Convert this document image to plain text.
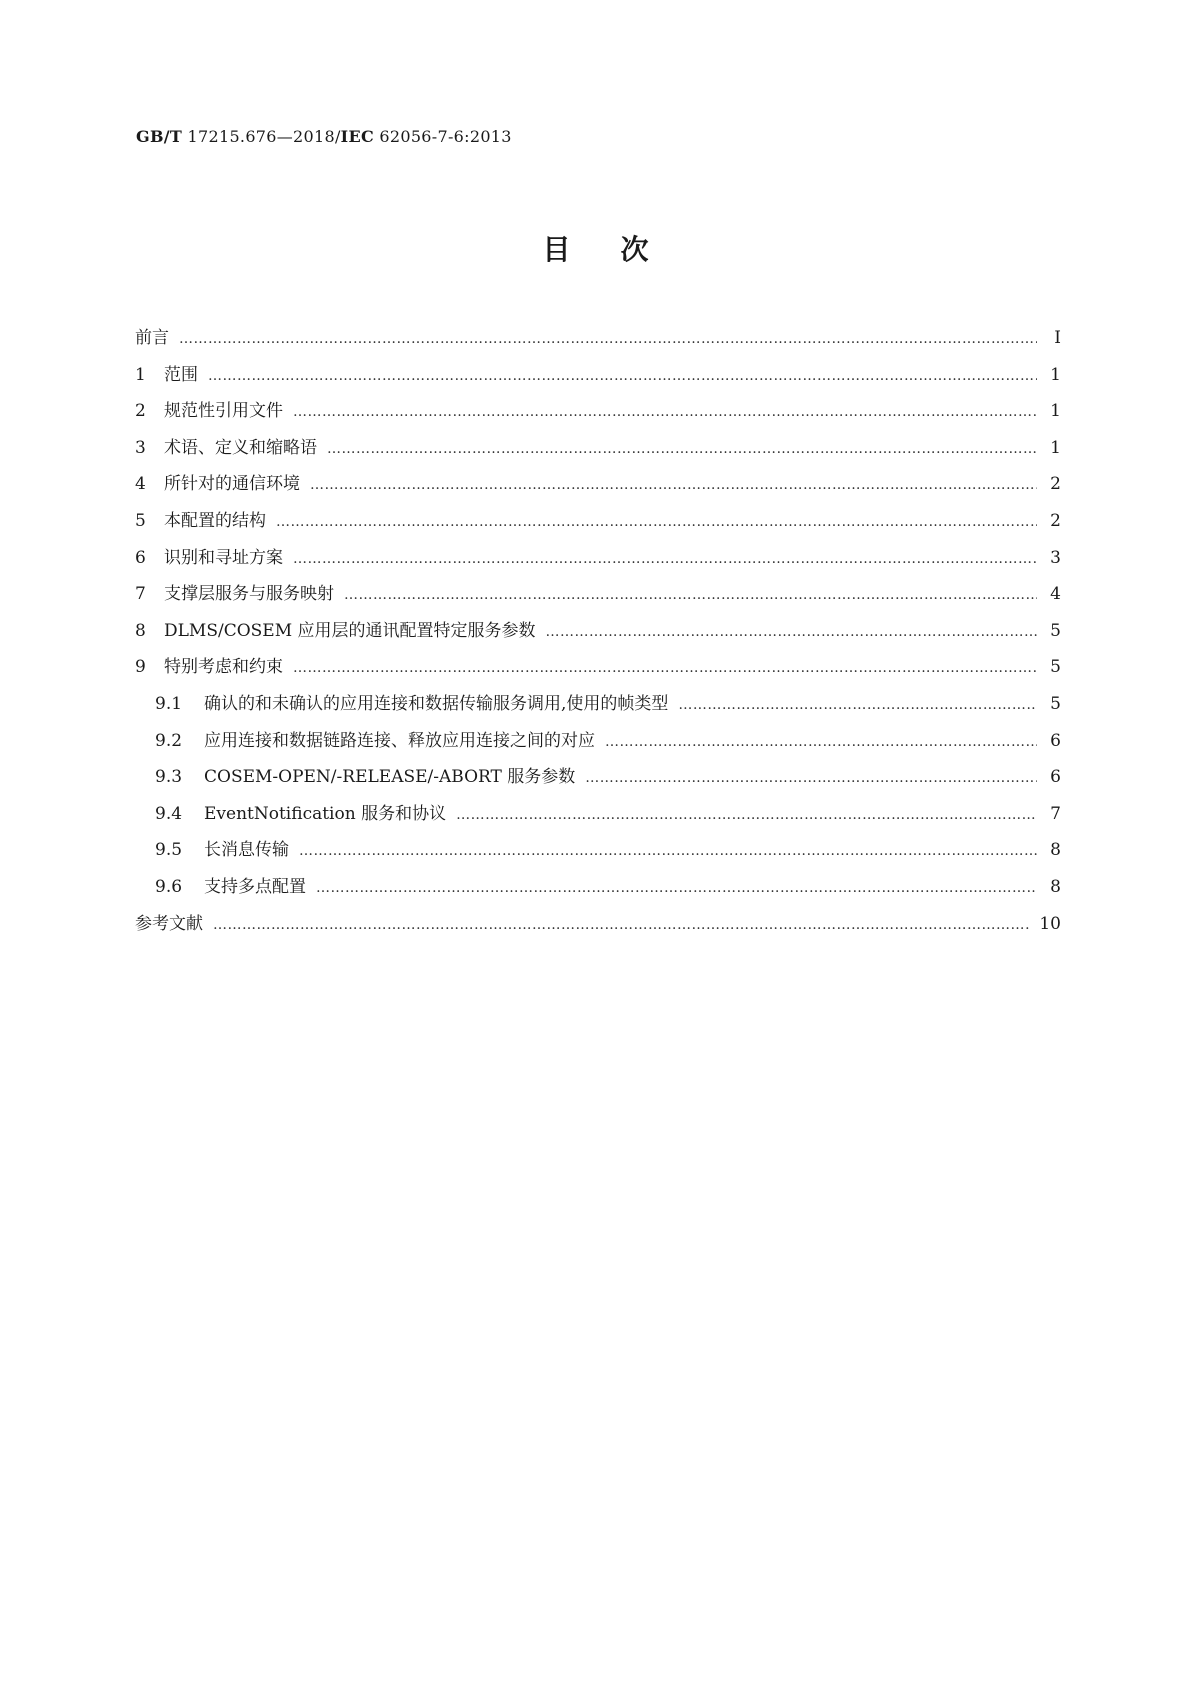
GB/T 17215.676—2018/IEC 62056-7-6:2013
目次
前言 ……………………………………………………………………………………………………………………………………………………………………………………………………………	Ⅰ
1	范围 ……………………………………………………………………………………………………………………………………………………………………………………………………………	1
2	规范性引用文件 ……………………………………………………………………………………………………………………………………………………………………………………………………………	1
3	术语、定义和缩略语 ……………………………………………………………………………………………………………………………………………………………………………………………………………	1
4	所针对的通信环境 ……………………………………………………………………………………………………………………………………………………………………………………………………………	2
5	本配置的结构 ……………………………………………………………………………………………………………………………………………………………………………………………………………	2
6	识别和寻址方案 ……………………………………………………………………………………………………………………………………………………………………………………………………………	3
7	支撑层服务与服务映射 ……………………………………………………………………………………………………………………………………………………………………………………………………………	4
8	DLMS/COSEM 应用层的通讯配置特定服务参数 ……………………………………………………………………………………………………………………………………………………………………………………………………………	5
9	特别考虑和约束 ……………………………………………………………………………………………………………………………………………………………………………………………………………	5
9.1	确认的和未确认的应用连接和数据传输服务调用,使用的帧类型 ……………………………………………………………………………………………………………………………………………………………………………………………………………	5
9.2	应用连接和数据链路连接、释放应用连接之间的对应 ……………………………………………………………………………………………………………………………………………………………………………………………………………	6
9.3	COSEM-OPEN/-RELEASE/-ABORT 服务参数 ……………………………………………………………………………………………………………………………………………………………………………………………………………	6
9.4	EventNotification 服务和协议 ……………………………………………………………………………………………………………………………………………………………………………………………………………	7
9.5	长消息传输 ……………………………………………………………………………………………………………………………………………………………………………………………………………	8
9.6	支持多点配置 ……………………………………………………………………………………………………………………………………………………………………………………………………………	8
参考文献 ……………………………………………………………………………………………………………………………………………………………………………………………………………	10
